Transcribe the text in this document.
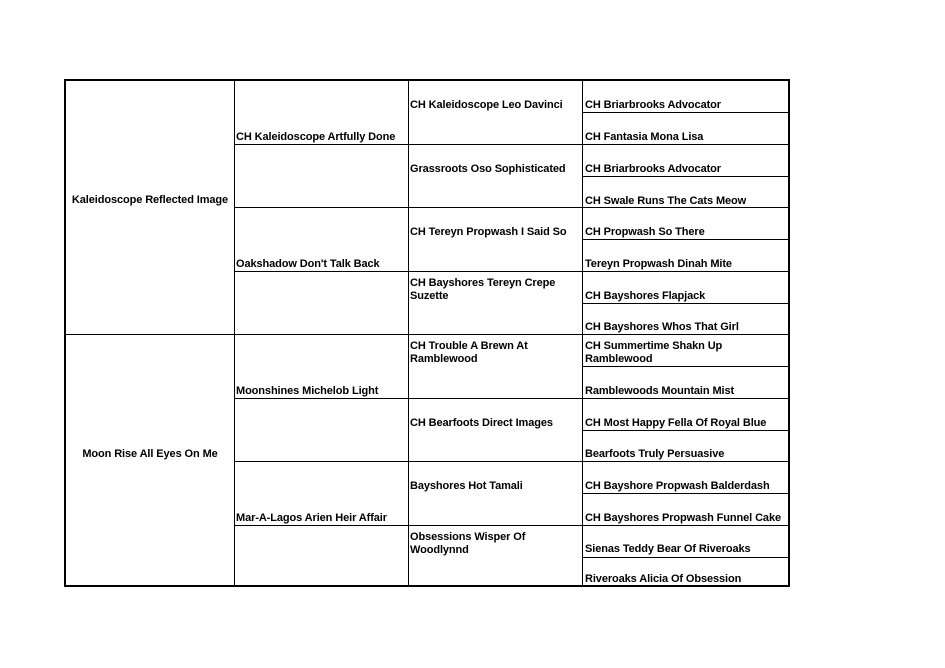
Kaleidoscope Reflected Image
Moon Rise All Eyes On Me
CH Kaleidoscope Artfully Done
Oakshadow Don't Talk Back
Moonshines Michelob Light
Mar-A-Lagos Arien Heir Affair
CH Kaleidoscope Leo Davinci
Grassroots Oso Sophisticated
CH Tereyn Propwash I Said So
CH Bayshores Tereyn Crepe Suzette
CH Trouble A Brewn At Ramblewood
CH Bearfoots Direct Images
Bayshores Hot Tamali
Obsessions Wisper Of Woodlynnd
CH Briarbrooks Advocator
CH Fantasia Mona Lisa
CH Briarbrooks Advocator
CH Swale Runs The Cats Meow
CH Propwash So There
Tereyn Propwash Dinah Mite
CH Bayshores Flapjack
CH Bayshores Whos That Girl
CH Summertime Shakn Up Ramblewood
Ramblewoods Mountain Mist
CH Most Happy Fella Of Royal Blue
Bearfoots Truly Persuasive
CH Bayshore Propwash Balderdash
CH Bayshores Propwash Funnel Cake
Sienas Teddy Bear Of Riveroaks
Riveroaks Alicia Of Obsession
